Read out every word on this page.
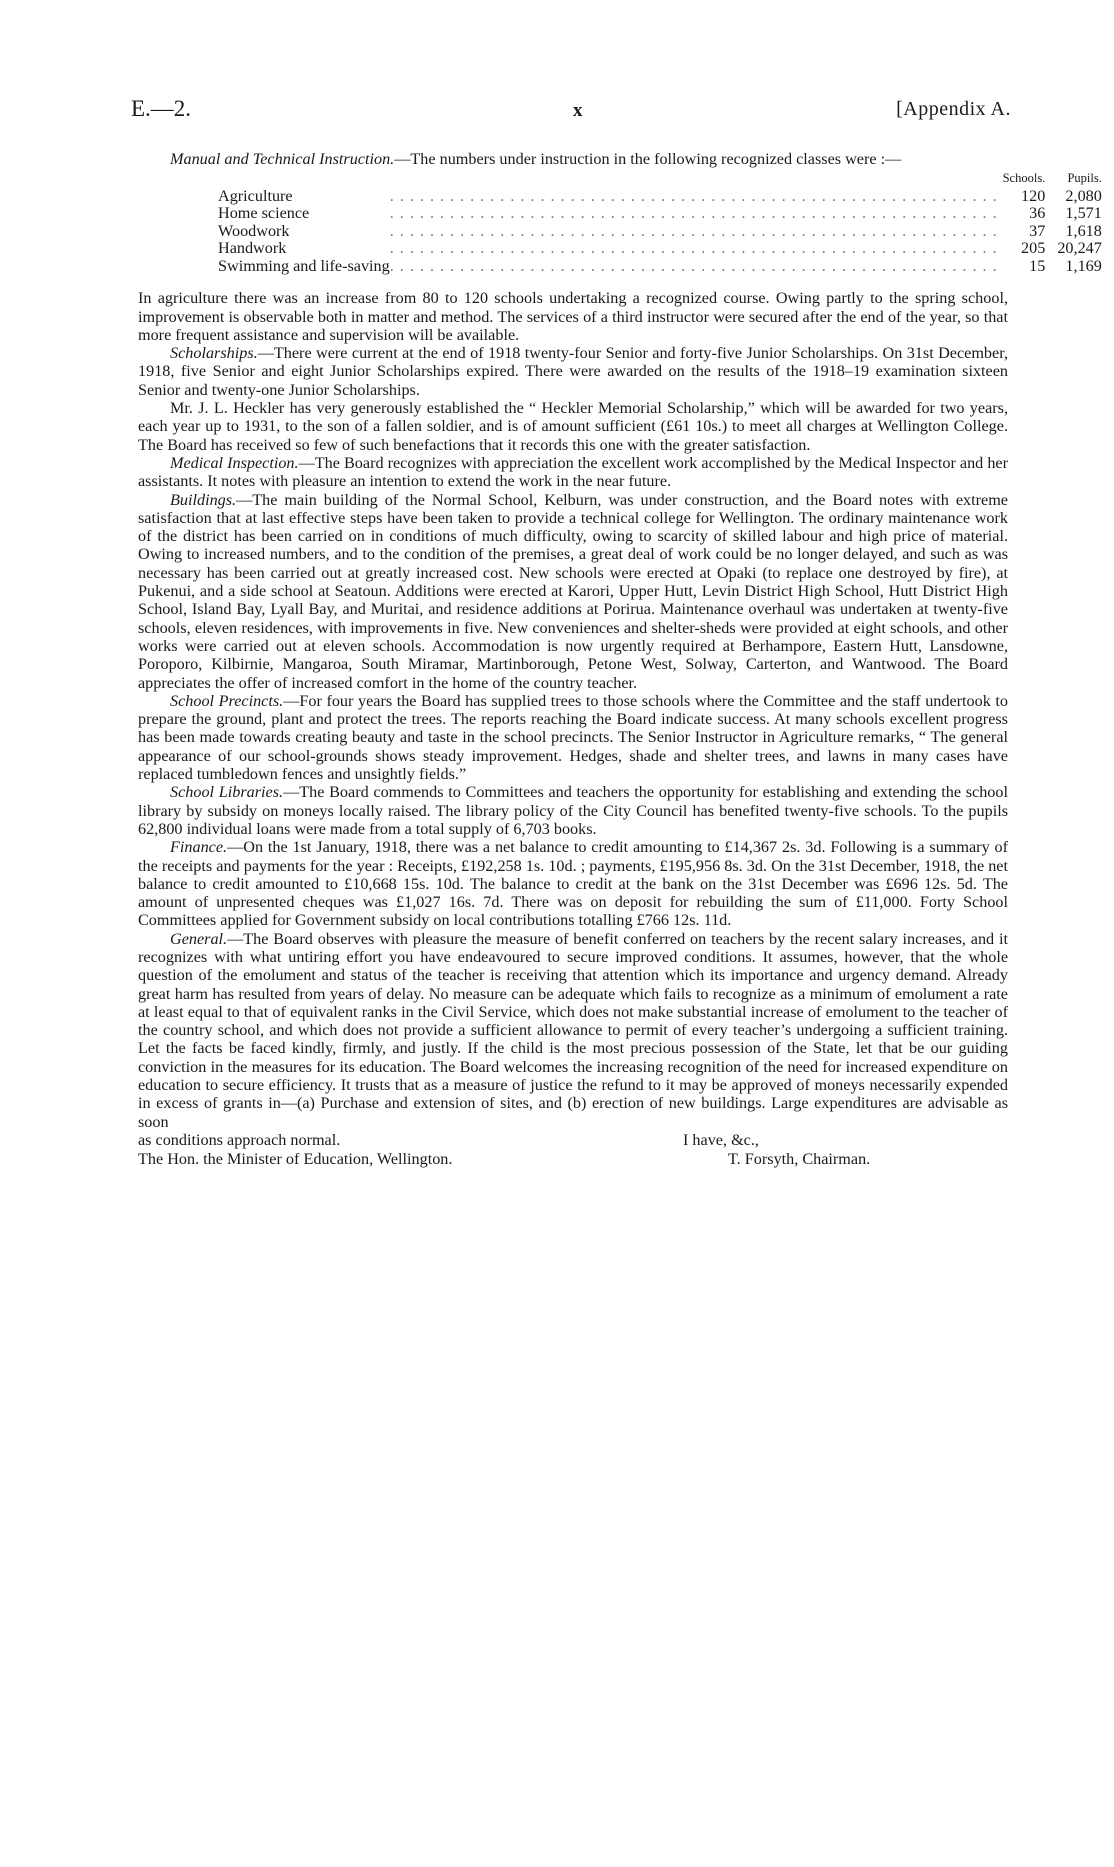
E.—2.	x	[Appendix A.

Manual and Technical Instruction.—The numbers under instruction in the following recognized classes were :—

		Schools.	Pupils.
Agriculture	.............................................................	120	2,080
Home science	.............................................................	36	1,571
Woodwork	.............................................................	37	1,618
Handwork	.............................................................	205	20,247
Swimming and life-saving	.............................................................	15	1,169

In agriculture there was an increase from 80 to 120 schools undertaking a recognized course. Owing partly to the spring school, improvement is observable both in matter and method. The services of a third instructor were secured after the end of the year, so that more frequent assistance and supervision will be available.

Scholarships.—There were current at the end of 1918 twenty-four Senior and forty-five Junior Scholarships. On 31st December, 1918, five Senior and eight Junior Scholarships expired. There were awarded on the results of the 1918–19 examination sixteen Senior and twenty-one Junior Scholarships.

Mr. J. L. Heckler has very generously established the “ Heckler Memorial Scholarship,” which will be awarded for two years, each year up to 1931, to the son of a fallen soldier, and is of amount sufficient (£61 10s.) to meet all charges at Wellington College. The Board has received so few of such benefactions that it records this one with the greater satisfaction.

Medical Inspection.—The Board recognizes with appreciation the excellent work accomplished by the Medical Inspector and her assistants. It notes with pleasure an intention to extend the work in the near future.

Buildings.—The main building of the Normal School, Kelburn, was under construction, and the Board notes with extreme satisfaction that at last effective steps have been taken to provide a technical college for Wellington. The ordinary maintenance work of the district has been carried on in conditions of much difficulty, owing to scarcity of skilled labour and high price of material. Owing to increased numbers, and to the condition of the premises, a great deal of work could be no longer delayed, and such as was necessary has been carried out at greatly increased cost. New schools were erected at Opaki (to replace one destroyed by fire), at Pukenui, and a side school at Seatoun. Additions were erected at Karori, Upper Hutt, Levin District High School, Hutt District High School, Island Bay, Lyall Bay, and Muritai, and residence additions at Porirua. Maintenance overhaul was undertaken at twenty-five schools, eleven residences, with improvements in five. New conveniences and shelter-sheds were provided at eight schools, and other works were carried out at eleven schools. Accommodation is now urgently required at Berhampore, Eastern Hutt, Lansdowne, Poroporo, Kilbirnie, Mangaroa, South Miramar, Martinborough, Petone West, Solway, Carterton, and Wantwood. The Board appreciates the offer of increased comfort in the home of the country teacher.

School Precincts.—For four years the Board has supplied trees to those schools where the Committee and the staff undertook to prepare the ground, plant and protect the trees. The reports reaching the Board indicate success. At many schools excellent progress has been made towards creating beauty and taste in the school precincts. The Senior Instructor in Agriculture remarks, “ The general appearance of our school-grounds shows steady improvement. Hedges, shade and shelter trees, and lawns in many cases have replaced tumbledown fences and unsightly fields.”

School Libraries.—The Board commends to Committees and teachers the opportunity for establishing and extending the school library by subsidy on moneys locally raised. The library policy of the City Council has benefited twenty-five schools. To the pupils 62,800 individual loans were made from a total supply of 6,703 books.

Finance.—On the 1st January, 1918, there was a net balance to credit amounting to £14,367 2s. 3d. Following is a summary of the receipts and payments for the year : Receipts, £192,258 1s. 10d. ; payments, £195,956 8s. 3d. On the 31st December, 1918, the net balance to credit amounted to £10,668 15s. 10d. The balance to credit at the bank on the 31st December was £696 12s. 5d. The amount of unpresented cheques was £1,027 16s. 7d. There was on deposit for rebuilding the sum of £11,000. Forty School Committees applied for Government subsidy on local contributions totalling £766 12s. 11d.

General.—The Board observes with pleasure the measure of benefit conferred on teachers by the recent salary increases, and it recognizes with what untiring effort you have endeavoured to secure improved conditions. It assumes, however, that the whole question of the emolument and status of the teacher is receiving that attention which its importance and urgency demand. Already great harm has resulted from years of delay. No measure can be adequate which fails to recognize as a minimum of emolument a rate at least equal to that of equivalent ranks in the Civil Service, which does not make substantial increase of emolument to the teacher of the country school, and which does not provide a sufficient allowance to permit of every teacher’s undergoing a sufficient training. Let the facts be faced kindly, firmly, and justly. If the child is the most precious possession of the State, let that be our guiding conviction in the measures for its education. The Board welcomes the increasing recognition of the need for increased expenditure on education to secure efficiency. It trusts that as a measure of justice the refund to it may be approved of moneys necessarily expended in excess of grants in—(a) Purchase and extension of sites, and (b) erection of new buildings. Large expenditures are advisable as soon

as conditions approach normal.	I have, &c.,
The Hon. the Minister of Education, Wellington.	T. Forsyth, Chairman.
